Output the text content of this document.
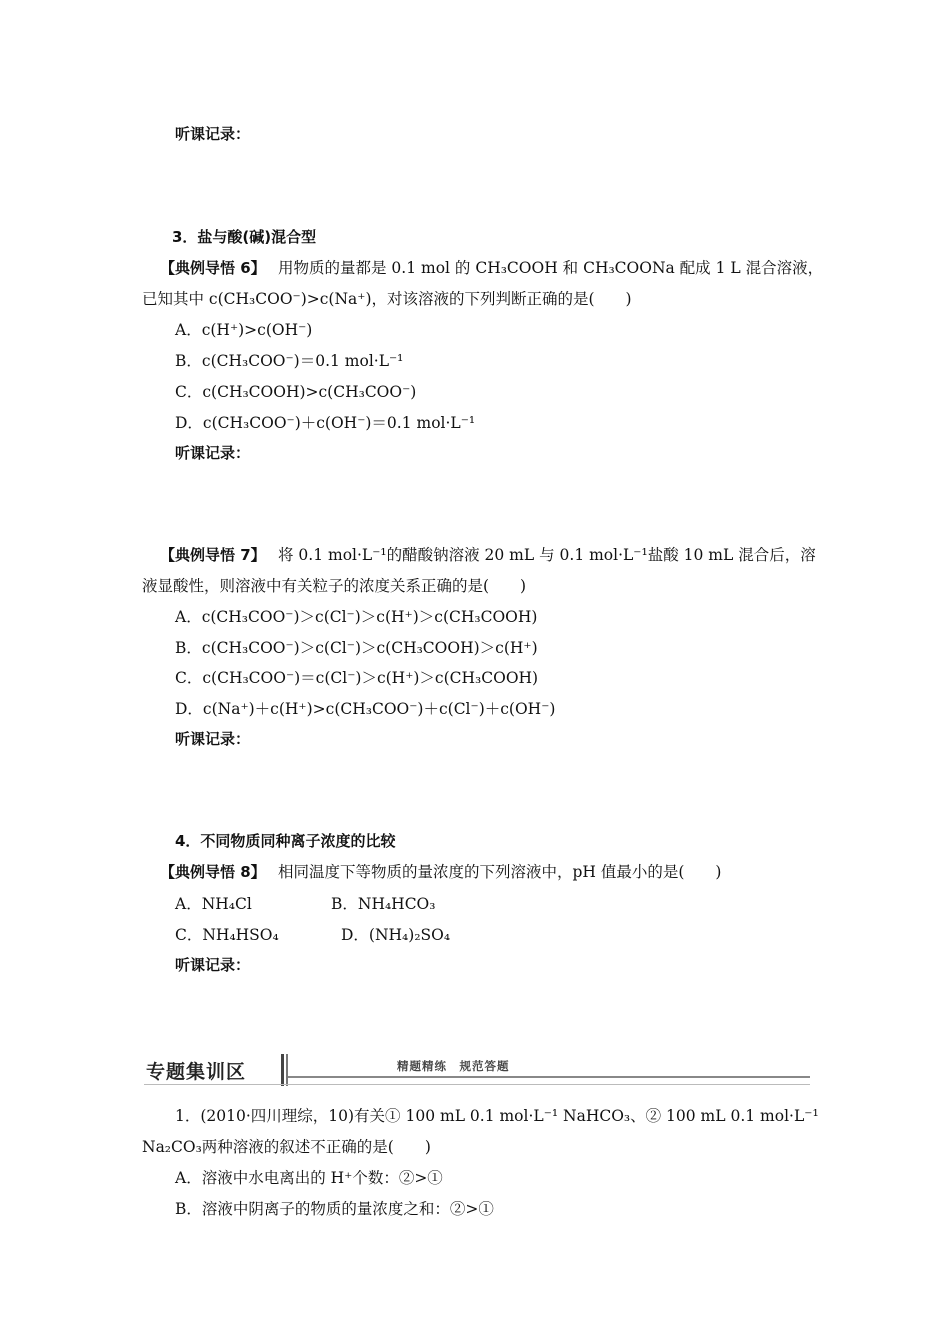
听课记录：
3．盐与酸(碱)混合型
【典例导悟 6】 用物质的量都是 0.1 mol 的 CH₃COOH 和 CH₃COONa 配成 1 L 混合溶液，
已知其中 c(CH₃COO⁻)>c(Na⁺)，对该溶液的下列判断正确的是(　　)
A．c(H⁺)>c(OH⁻)
B．c(CH₃COO⁻)＝0.1 mol·L⁻¹
C．c(CH₃COOH)>c(CH₃COO⁻)
D．c(CH₃COO⁻)＋c(OH⁻)＝0.1 mol·L⁻¹
听课记录：
【典例导悟 7】 将 0.1 mol·L⁻¹的醋酸钠溶液 20 mL 与 0.1 mol·L⁻¹盐酸 10 mL 混合后，溶
液显酸性，则溶液中有关粒子的浓度关系正确的是(　　)
A．c(CH₃COO⁻)＞c(Cl⁻)＞c(H⁺)＞c(CH₃COOH)
B．c(CH₃COO⁻)＞c(Cl⁻)＞c(CH₃COOH)＞c(H⁺)
C．c(CH₃COO⁻)＝c(Cl⁻)＞c(H⁺)＞c(CH₃COOH)
D．c(Na⁺)＋c(H⁺)>c(CH₃COO⁻)＋c(Cl⁻)＋c(OH⁻)
听课记录：
4．不同物质同种离子浓度的比较
【典例导悟 8】 相同温度下等物质的量浓度的下列溶液中，pH 值最小的是(　　)
A．NH₄Cl	B．NH₄HCO₃
C．NH₄HSO₄	D．(NH₄)₂SO₄
听课记录：
专题集训区	精题精练　规范答题
1．(2010·四川理综，10)有关① 100 mL 0.1 mol·L⁻¹ NaHCO₃、② 100 mL 0.1 mol·L⁻¹
Na₂CO₃两种溶液的叙述不正确的是(　　)
A．溶液中水电离出的 H⁺个数：②>①
B．溶液中阴离子的物质的量浓度之和：②>①
